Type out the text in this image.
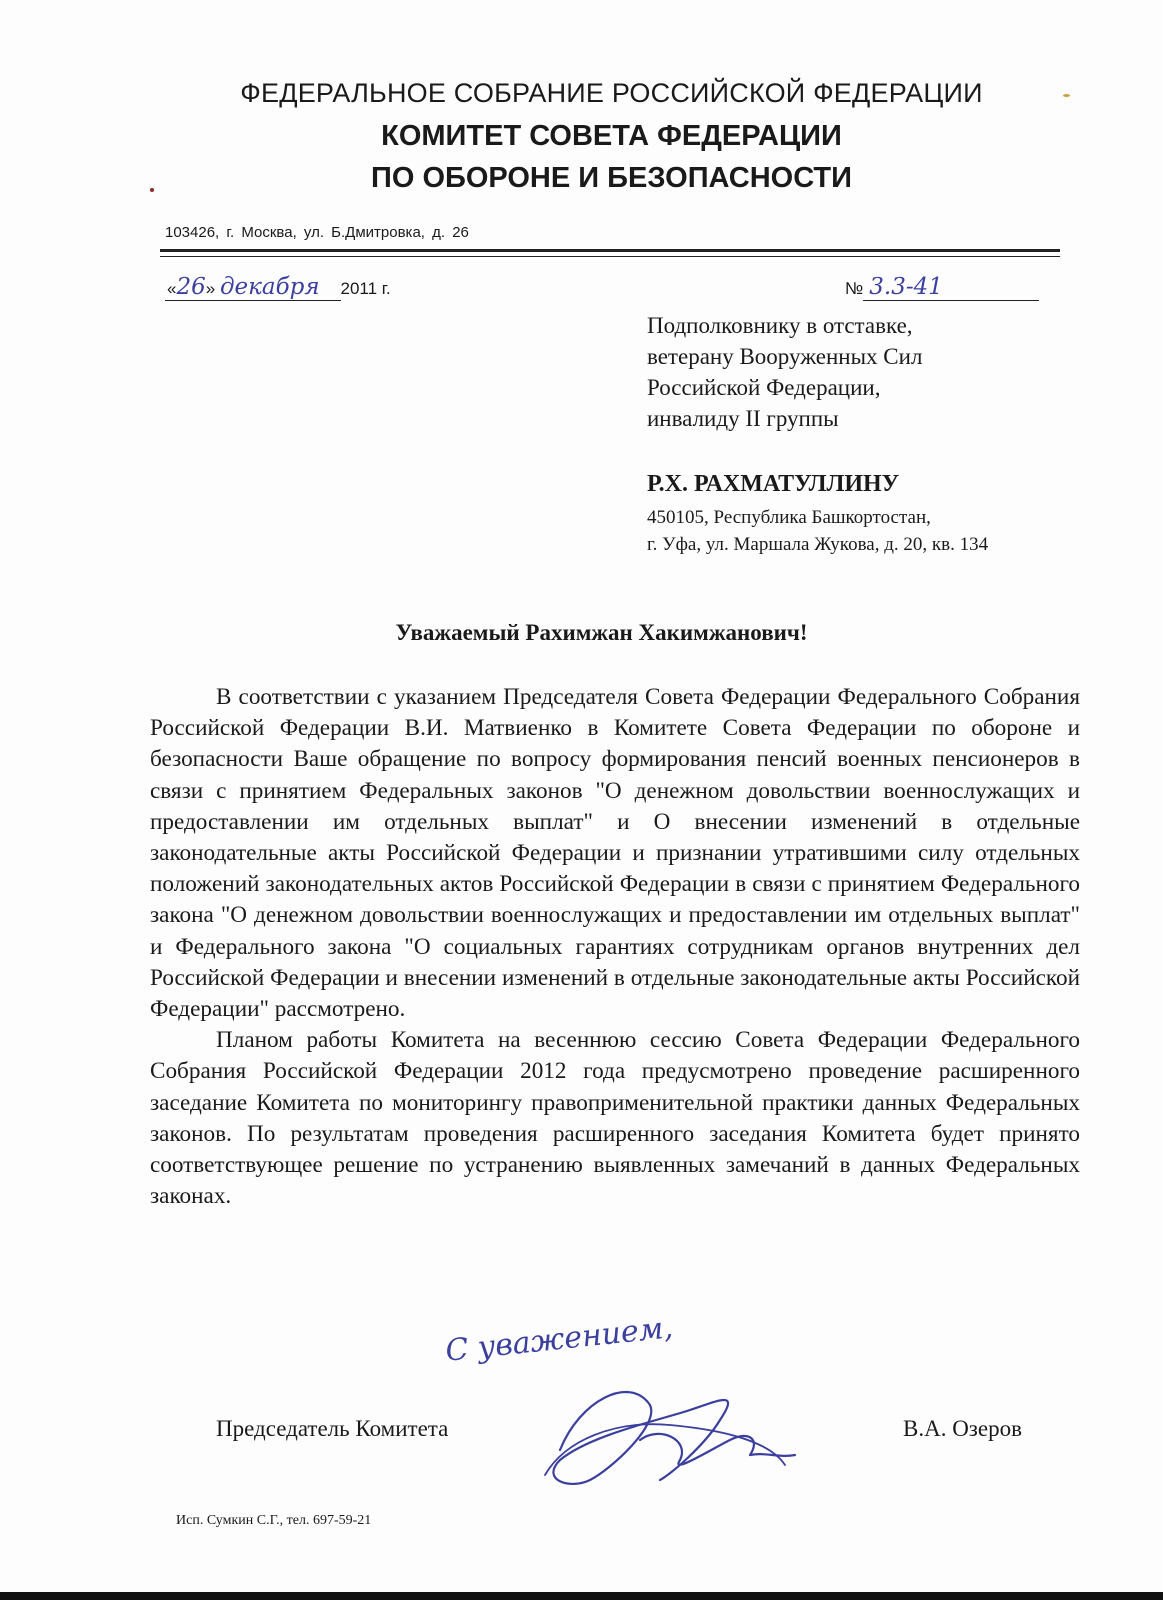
ФЕДЕРАЛЬНОЕ СОБРАНИЕ РОССИЙСКОЙ ФЕДЕРАЦИИ
КОМИТЕТ СОВЕТА ФЕДЕРАЦИИ
ПО ОБОРОНЕ И БЕЗОПАСНОСТИ
103426, г. Москва, ул. Б.Дмитровка, д. 26
«26» декабря 2011 г.	№ 3.3-41
Подполковнику в отставке,
ветерану Вооруженных Сил
Российской Федерации,
инвалиду II группы
Р.Х. РАХМАТУЛЛИНУ
450105, Республика Башкортостан,
г. Уфа, ул. Маршала Жукова, д. 20, кв. 134
Уважаемый Рахимжан Хакимжанович!

В соответствии с указанием Председателя Совета Федерации Федерального Собрания Российской Федерации В.И. Матвиенко в Комитете Совета Федерации по обороне и безопасности Ваше обращение по вопросу формирования пенсий военных пенсионеров в связи с принятием Федеральных законов "О денежном довольствии военнослужащих и предоставлении им отдельных выплат" и О внесении изменений в отдельные законодательные акты Российской Федерации и признании утратившими силу отдельных положений законодательных актов Российской Федерации в связи с принятием Федерального закона "О денежном довольствии военнослужащих и предоставлении им отдельных выплат" и Федерального закона "О социальных гарантиях сотрудникам органов внутренних дел Российской Федерации и внесении изменений в отдельные законодательные акты Российской Федерации" рассмотрено.

Планом работы Комитета на весеннюю сессию Совета Федерации Федерального Собрания Российской Федерации 2012 года предусмотрено проведение расширенного заседание Комитета по мониторингу правоприменительной практики данных Федеральных законов. По результатам проведения расширенного заседания Комитета будет принято соответствующее решение по устранению выявленных замечаний в данных Федеральных законах.

С уважением,
Председатель Комитета	В.А. Озеров
Исп. Сумкин С.Г., тел. 697-59-21
